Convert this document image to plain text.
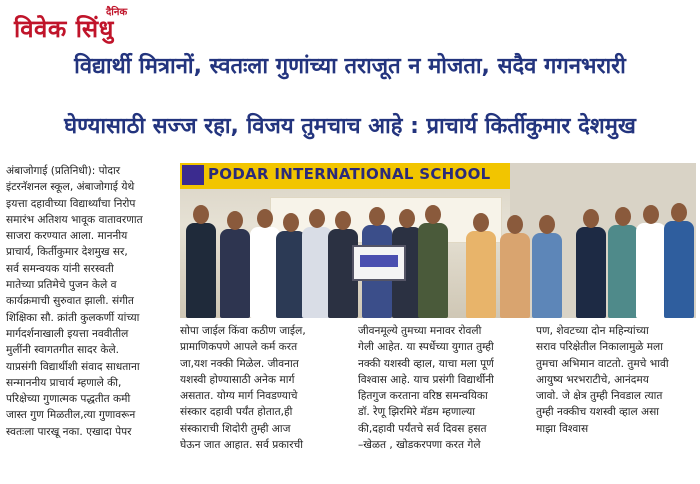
दैनिक
विवेक सिंधु
विद्यार्थी मित्रानों, स्वतःला गुणांच्या तराजूत न मोजता, सदैव गगनभरारी
घेण्यासाठी सज्ज रहा, विजय तुमचाच आहे : प्राचार्य किर्तीकुमार देशमुख

अंबाजोगाई (प्रतिनिधी): पोदार

इंटरनॅशनल स्कूल, अंबाजोगाई येथे

इयत्ता दहावीच्या विद्यार्थ्यांचा निरोप

समारंभ अतिशय भावूक वातावरणात

साजरा करण्यात आला. माननीय

प्राचार्य, किर्तीकुमार देशमुख सर,

सर्व समन्वयक यांनी सरस्वती

मातेच्या प्रतिमेचे पुजन केले व

कार्यक्रमाची सुरुवात झाली. संगीत

शिक्षिका सौ. क्रांती कुलकर्णी यांच्या

मार्गदर्शनाखाली इयत्ता नववीतील

मुलींनी स्वागतगीत सादर केले.

याप्रसंगी विद्यार्थीशी संवाद साधताना

सन्माननीय प्राचार्य म्हणाले की,

परिक्षेच्या गुणात्मक पद्धतीत कमी

जास्त गुण मिळतील,त्या गुणावरून

स्वतःला पारखू नका. एखादा पेपर

PODAR INTERNATIONAL SCHOOL

सोपा जाईल किंवा कठीण जाईल,

प्रामाणिकपणे आपले कर्म करत

जा,यश नक्की मिळेल. जीवनात

यशस्वी होण्यासाठी अनेक मार्ग

असतात. योग्य मार्ग निवडण्याचे

संस्कार दहावी पर्यंत होतात,ही

संस्काराची शिदोरी तुम्ही आज

घेऊन जात आहात. सर्व प्रकारची

जीवनमूल्ये तुमच्या मनावर रोवली

गेली आहेत. या स्पर्धेच्या युगात तुम्ही

नक्की यशस्वी व्हाल, याचा मला पूर्ण

विश्वास आहे. याच प्रसंगी विद्यार्थीनी

हितगुज करताना वरिष्ठ समन्वयिका

डॉ. रेणू झिरमिरे मॅडम म्हणाल्या

की,दहावी पर्यंतचे सर्व दिवस हसत

–खेळत , खोडकरपणा करत गेले

पण, शेवटच्या दोन महिन्यांच्या

सराव परिक्षेतील निकालामुळे मला

तुमचा अभिमान वाटतो. तुमचे भावी

आयुष्य भरभराटीचे, आनंदमय

जावो. जे क्षेत्र तुम्ही निवडाल त्यात

तुम्ही नक्कीच यशस्वी व्हाल असा

माझा विश्वास
